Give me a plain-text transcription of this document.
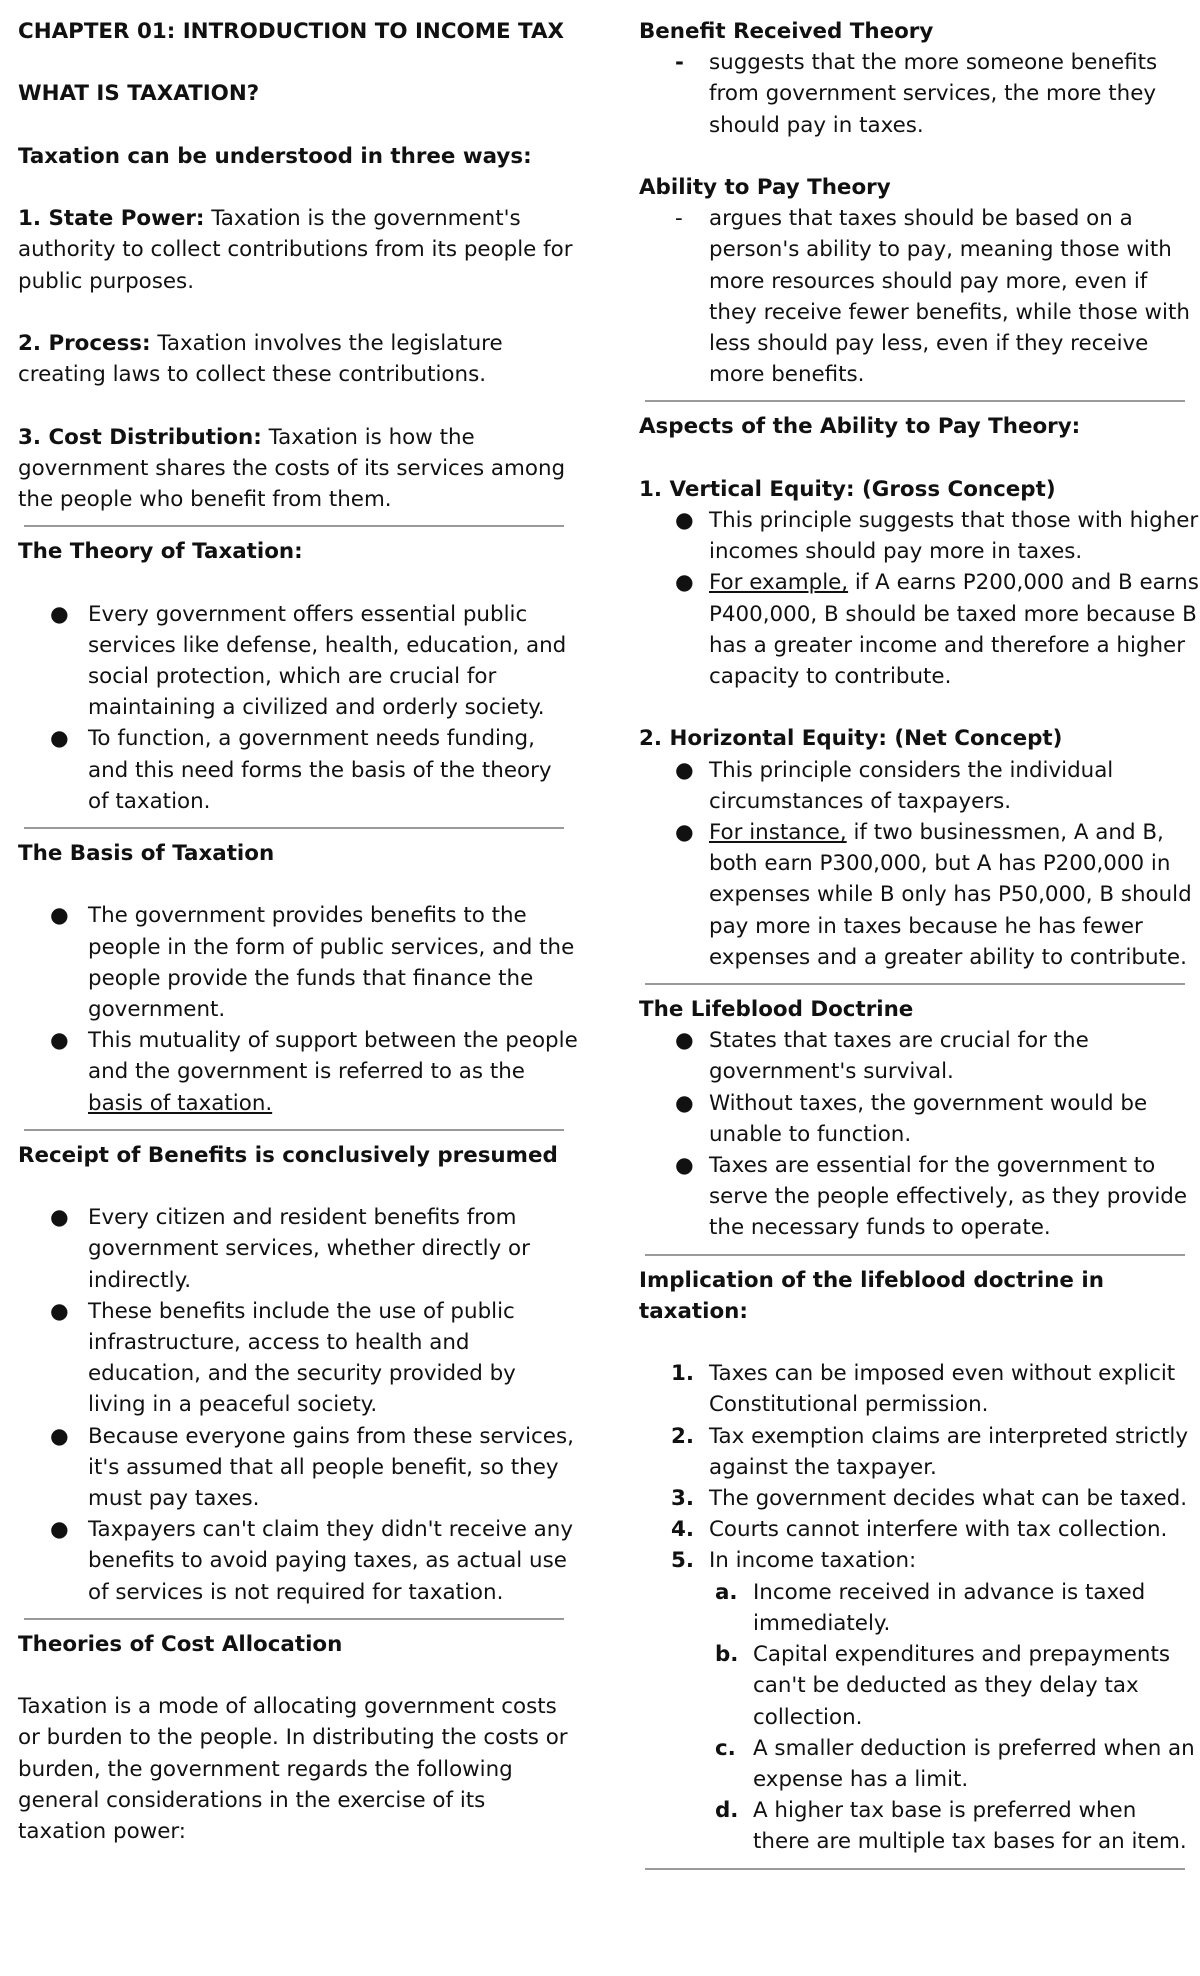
CHAPTER 01: INTRODUCTION TO INCOME TAX

WHAT IS TAXATION?

Taxation can be understood in three ways:

1. State Power: Taxation is the government's authority to collect contributions from its people for public purposes.

2. Process: Taxation involves the legislature creating laws to collect these contributions.

3. Cost Distribution: Taxation is how the government shares the costs of its services among the people who benefit from them.

The Theory of Taxation:

● Every government offers essential public services like defense, health, education, and social protection, which are crucial for maintaining a civilized and orderly society.
● To function, a government needs funding, and this need forms the basis of the theory of taxation.

The Basis of Taxation

● The government provides benefits to the people in the form of public services, and the people provide the funds that finance the government.
● This mutuality of support between the people and the government is referred to as the basis of taxation.

Receipt of Benefits is conclusively presumed

● Every citizen and resident benefits from government services, whether directly or indirectly.
● These benefits include the use of public infrastructure, access to health and education, and the security provided by living in a peaceful society.
● Because everyone gains from these services, it's assumed that all people benefit, so they must pay taxes.
● Taxpayers can't claim they didn't receive any benefits to avoid paying taxes, as actual use of services is not required for taxation.

Theories of Cost Allocation

Taxation is a mode of allocating government costs or burden to the people. In distributing the costs or burden, the government regards the following general considerations in the exercise of its taxation power:

Benefit Received Theory

- suggests that the more someone benefits from government services, the more they should pay in taxes.

Ability to Pay Theory

- argues that taxes should be based on a person's ability to pay, meaning those with more resources should pay more, even if they receive fewer benefits, while those with less should pay less, even if they receive more benefits.

Aspects of the Ability to Pay Theory:

1. Vertical Equity: (Gross Concept)

● This principle suggests that those with higher incomes should pay more in taxes.
● For example, if A earns P200,000 and B earns P400,000, B should be taxed more because B has a greater income and therefore a higher capacity to contribute.

2. Horizontal Equity: (Net Concept)

● This principle considers the individual circumstances of taxpayers.
● For instance, if two businessmen, A and B, both earn P300,000, but A has P200,000 in expenses while B only has P50,000, B should pay more in taxes because he has fewer expenses and a greater ability to contribute.

The Lifeblood Doctrine

● States that taxes are crucial for the government's survival.
● Without taxes, the government would be unable to function.
● Taxes are essential for the government to serve the people effectively, as they provide the necessary funds to operate.

Implication of the lifeblood doctrine in taxation:

1. Taxes can be imposed even without explicit Constitutional permission.
2. Tax exemption claims are interpreted strictly against the taxpayer.
3. The government decides what can be taxed.
4. Courts cannot interfere with tax collection.
5. In income taxation:
a. Income received in advance is taxed immediately.
b. Capital expenditures and prepayments can't be deducted as they delay tax collection.
c. A smaller deduction is preferred when an expense has a limit.
d. A higher tax base is preferred when there are multiple tax bases for an item.
